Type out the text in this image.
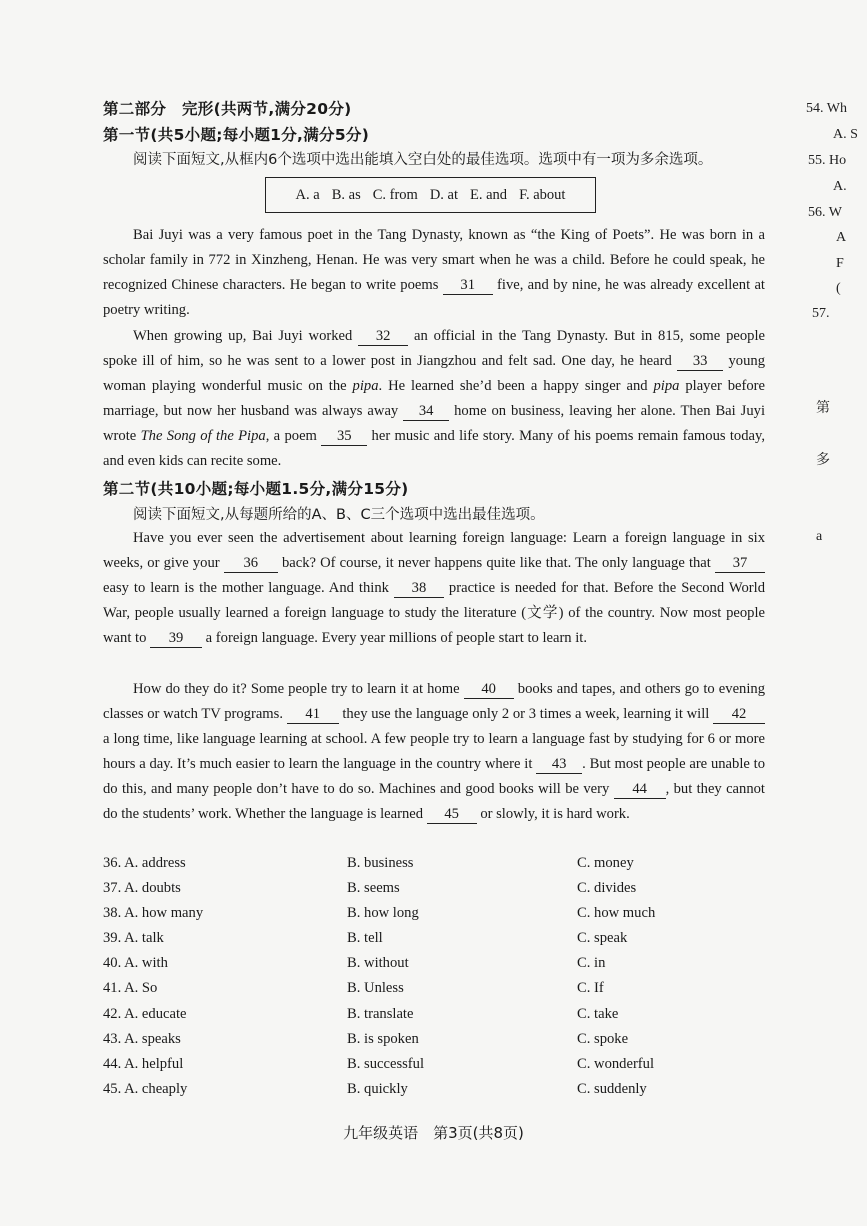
第二部分　完形(共两节,满分20分)
第一节(共5小题;每小题1分,满分5分)
阅读下面短文,从框内6个选项中选出能填入空白处的最佳选项。选项中有一项为多余选项。
A. a B. as C. from D. at E. and F. about

Bai Juyi was a very famous poet in the Tang Dynasty, known as “the King of Poets”. He was born in a scholar family in 772 in Xinzheng, Henan. He was very smart when he was a child. Before he could speak, he recognized Chinese characters. He began to write poems 31 five, and by nine, he was already excellent at poetry writing.

When growing up, Bai Juyi worked 32 an official in the Tang Dynasty. But in 815, some people spoke ill of him, so he was sent to a lower post in Jiangzhou and felt sad. One day, he heard 33 young woman playing wonderful music on the pipa. He learned she’d been a happy singer and pipa player before marriage, but now her husband was always away 34 home on business, leaving her alone. Then Bai Juyi wrote The Song of the Pipa, a poem 35 her music and life story. Many of his poems remain famous today, and even kids can recite some.

第二节(共10小题;每小题1.5分,满分15分)
阅读下面短文,从每题所给的A、B、C三个选项中选出最佳选项。

Have you ever seen the advertisement about learning foreign language: Learn a foreign language in six weeks, or give your 36 back? Of course, it never happens quite like that. The only language that 37 easy to learn is the mother language. And think 38 practice is needed for that. Before the Second World War, people usually learned a foreign language to study the literature (文学) of the country. Now most people want to 39 a foreign language. Every year millions of people start to learn it.

How do they do it? Some people try to learn it at home 40 books and tapes, and others go to evening classes or watch TV programs. 41 they use the language only 2 or 3 times a week, learning it will 42 a long time, like language learning at school. A few people try to learn a language fast by studying for 6 or more hours a day. It’s much easier to learn the language in the country where it 43 . But most people are unable to do this, and many people don’t have to do so. Machines and good books will be very 44 , but they cannot do the students’ work. Whether the language is learned 45 or slowly, it is hard work.

36. A. address	B. business	C. money
37. A. doubts	B. seems	C. divides
38. A. how many	B. how long	C. how much
39. A. talk	B. tell	C. speak
40. A. with	B. without	C. in
41. A. So	B. Unless	C. If
42. A. educate	B. translate	C. take
43. A. speaks	B. is spoken	C. spoke
44. A. helpful	B. successful	C. wonderful
45. A. cheaply	B. quickly	C. suddenly
九年级英语　第3页(共8页)
54. Wh
A. S
55. Ho
A.
56. W
A
F
(
57.
第
多
a
